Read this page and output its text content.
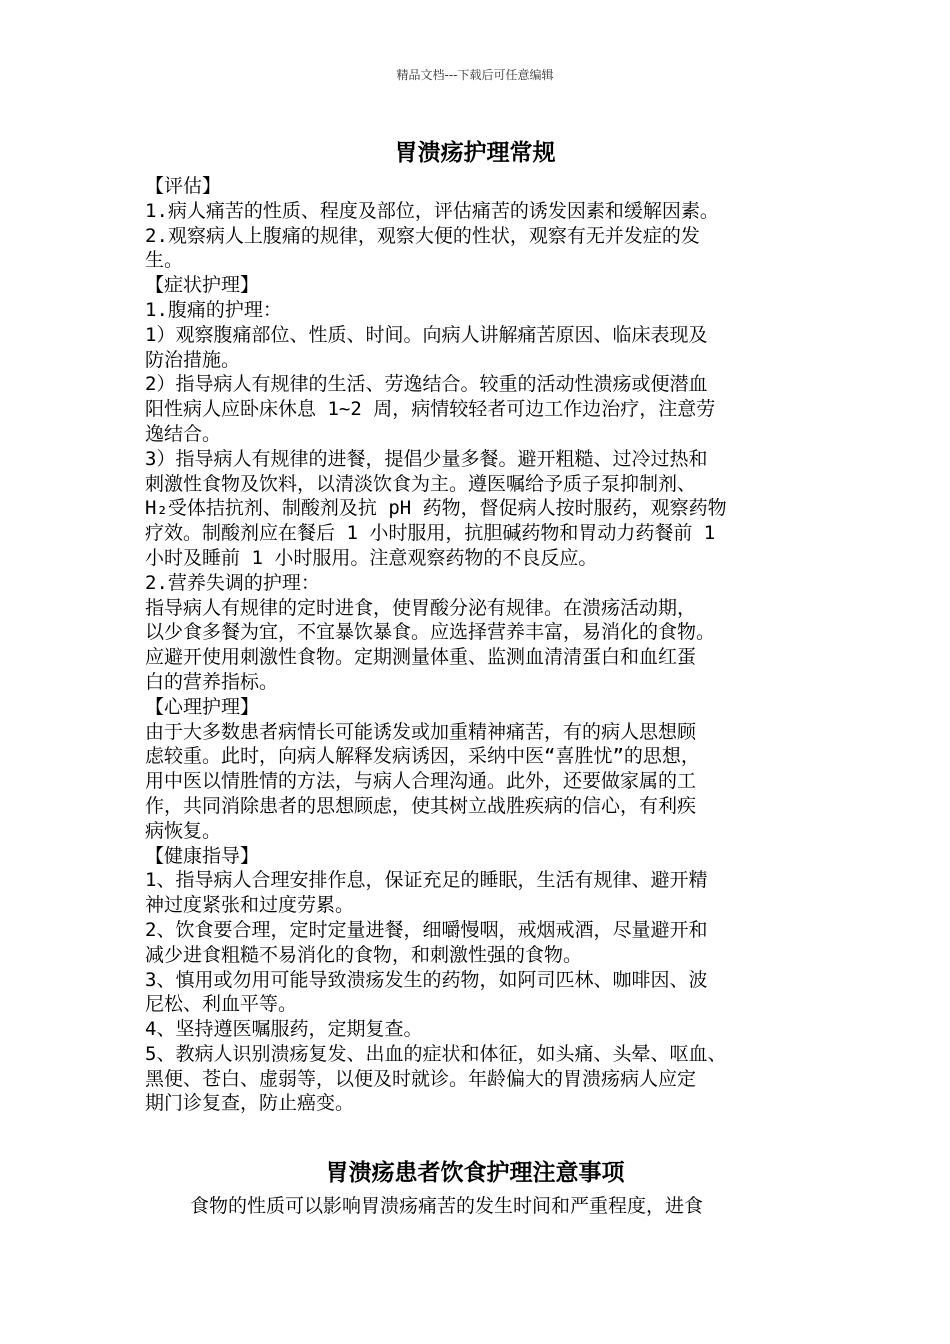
精品文档---下载后可任意编辑
胃溃疡护理常规

【评估】

1.病人痛苦的性质、程度及部位，评估痛苦的诱发因素和缓解因素。

2.观察病人上腹痛的规律，观察大便的性状，观察有无并发症的发

生。

【症状护理】

1.腹痛的护理：

1）观察腹痛部位、性质、时间。向病人讲解痛苦原因、临床表现及

防治措施。

2）指导病人有规律的生活、劳逸结合。较重的活动性溃疡或便潜血

阳性病人应卧床休息 1~2 周，病情较轻者可边工作边治疗，注意劳

逸结合。

3）指导病人有规律的进餐，提倡少量多餐。避开粗糙、过冷过热和

刺激性食物及饮料，以清淡饮食为主。遵医嘱给予质子泵抑制剂、

H₂受体拮抗剂、制酸剂及抗 pH 药物，督促病人按时服药，观察药物

疗效。制酸剂应在餐后 1 小时服用，抗胆碱药物和胃动力药餐前 1

小时及睡前 1 小时服用。注意观察药物的不良反应。

2.营养失调的护理：

指导病人有规律的定时进食，使胃酸分泌有规律。在溃疡活动期，

以少食多餐为宜，不宜暴饮暴食。应选择营养丰富，易消化的食物。

应避开使用刺激性食物。定期测量体重、监测血清清蛋白和血红蛋

白的营养指标。

【心理护理】

由于大多数患者病情长可能诱发或加重精神痛苦，有的病人思想顾

虑较重。此时，向病人解释发病诱因，采纳中医“喜胜忧”的思想，

用中医以情胜情的方法，与病人合理沟通。此外，还要做家属的工

作，共同消除患者的思想顾虑，使其树立战胜疾病的信心，有利疾

病恢复。

【健康指导】

1、指导病人合理安排作息，保证充足的睡眠，生活有规律、避开精

神过度紧张和过度劳累。

2、饮食要合理，定时定量进餐，细嚼慢咽，戒烟戒酒，尽量避开和

减少进食粗糙不易消化的食物，和刺激性强的食物。

3、慎用或勿用可能导致溃疡发生的药物，如阿司匹林、咖啡因、波

尼松、利血平等。

4、坚持遵医嘱服药，定期复查。

5、教病人识别溃疡复发、出血的症状和体征，如头痛、头晕、呕血、

黑便、苍白、虚弱等，以便及时就诊。年龄偏大的胃溃疡病人应定

期门诊复查，防止癌变。

胃溃疡患者饮食护理注意事项
食物的性质可以影响胃溃疡痛苦的发生时间和严重程度，进食
